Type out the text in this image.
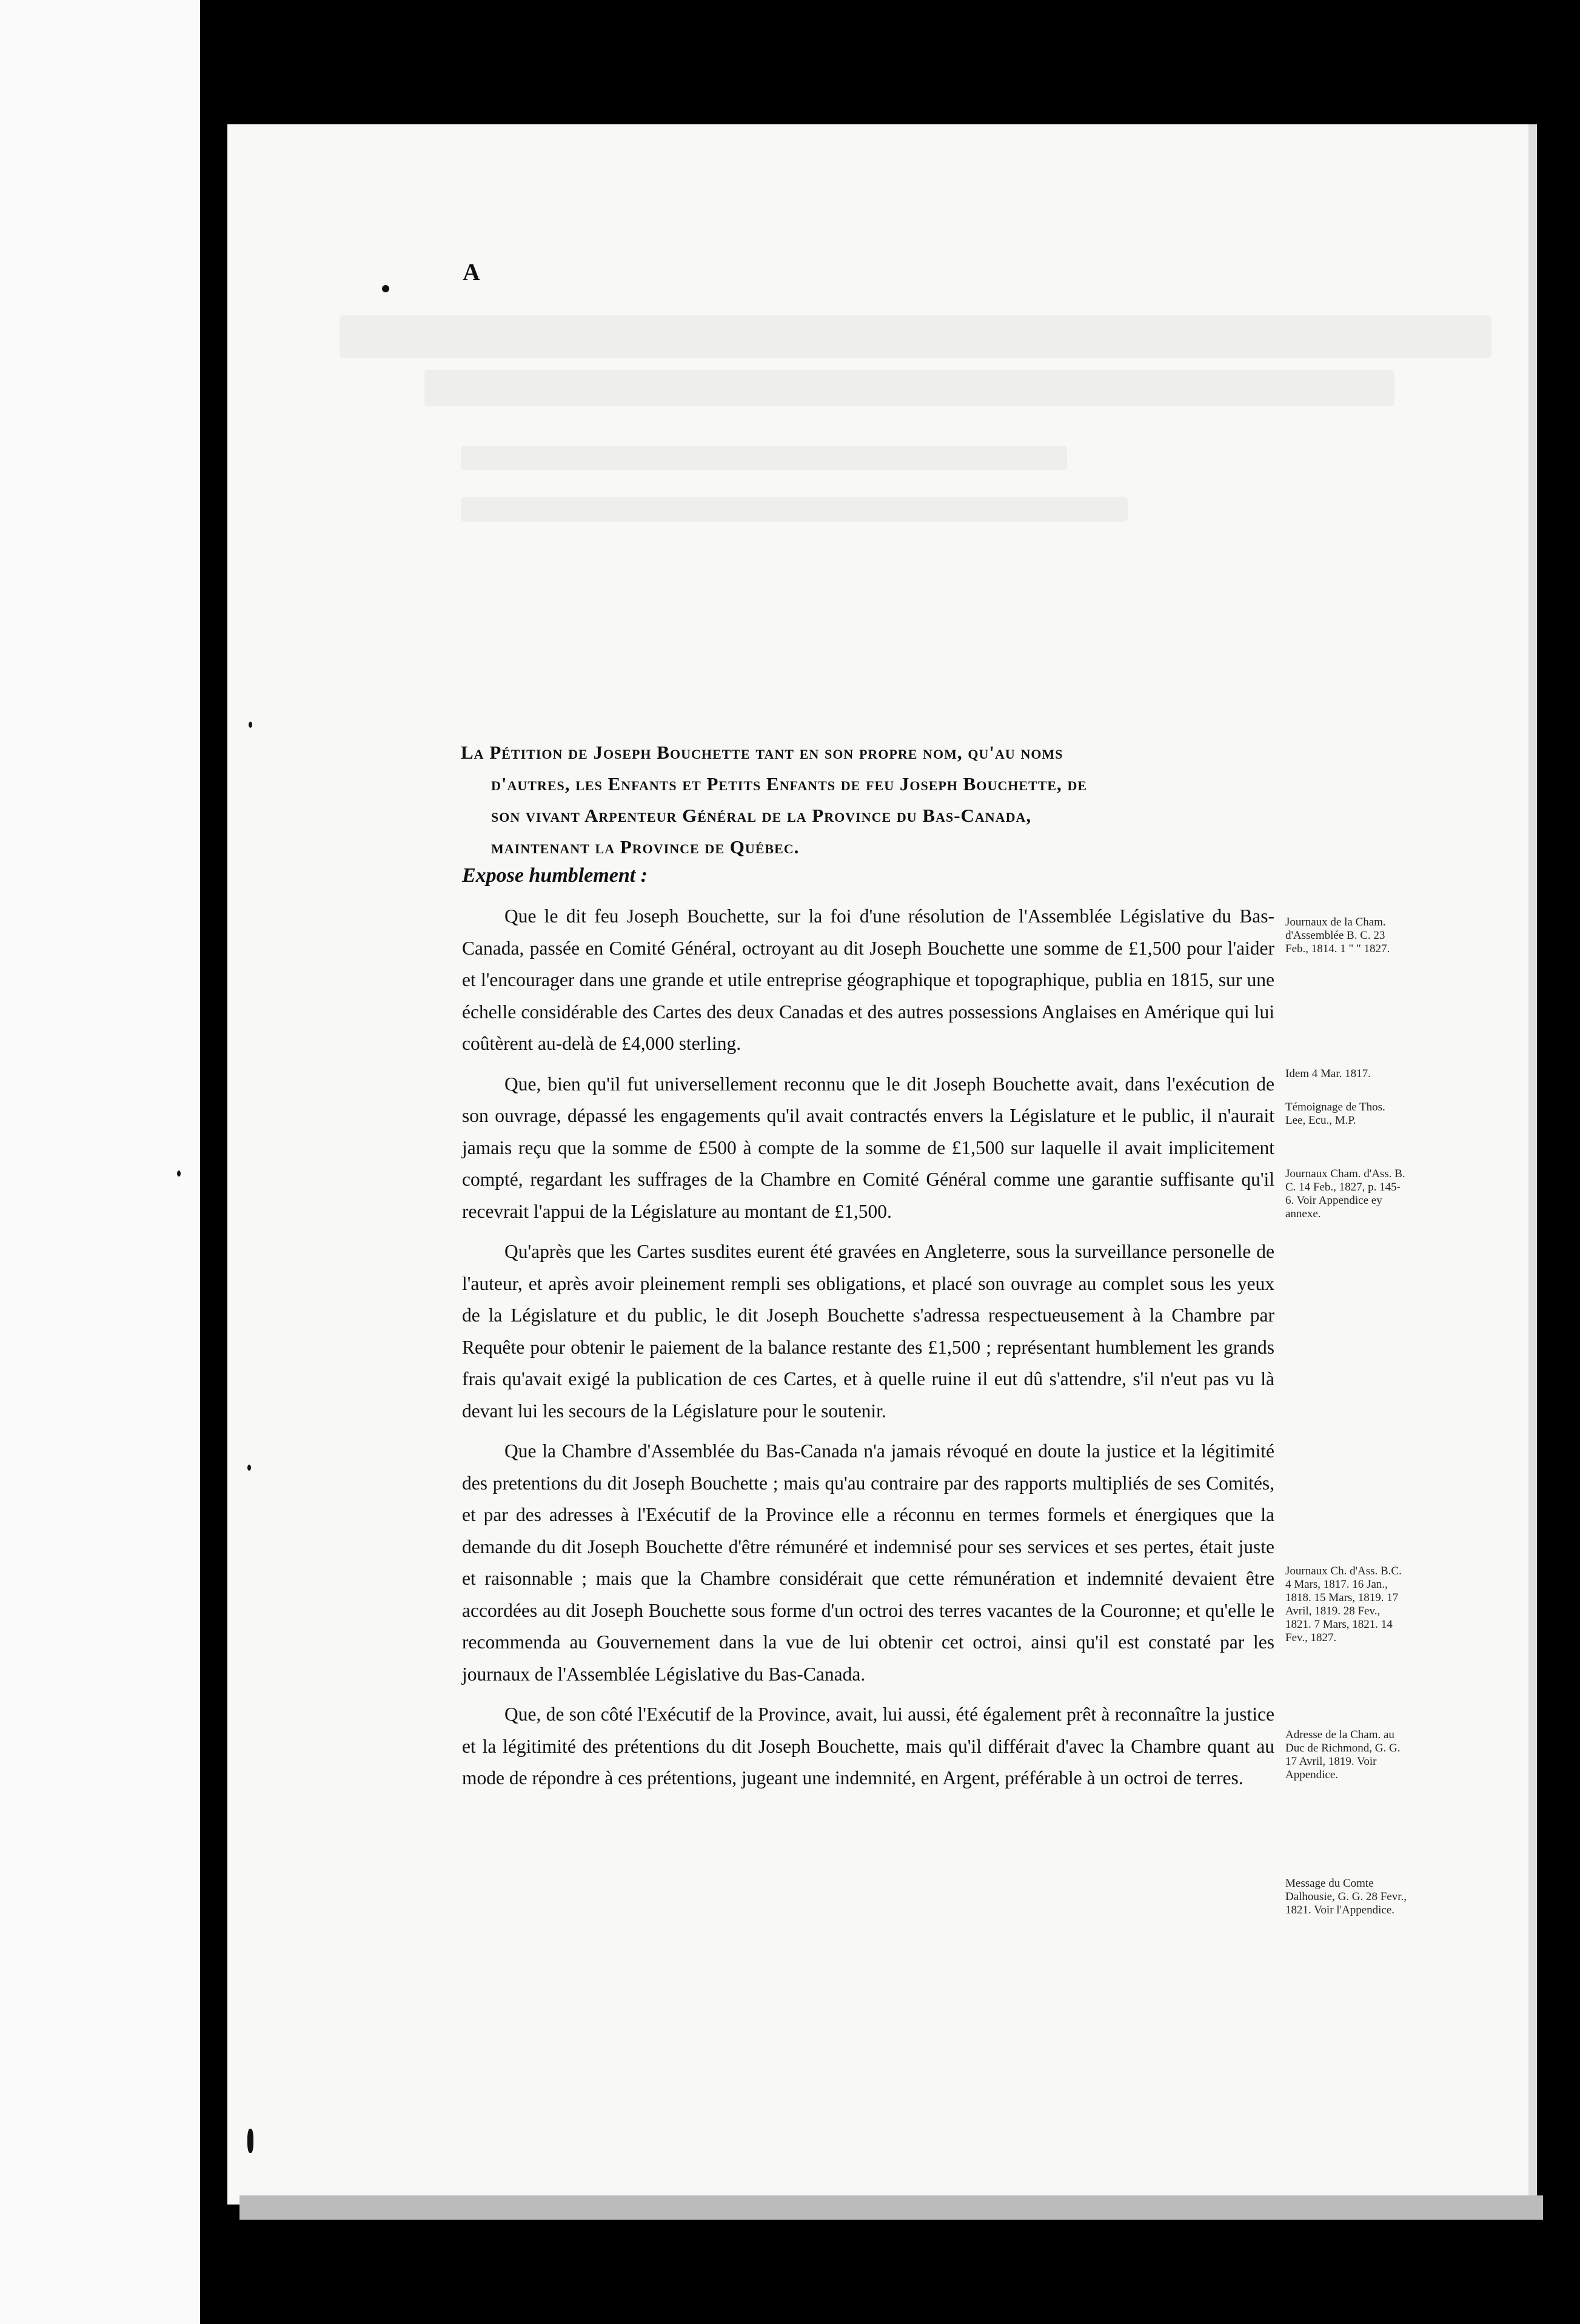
A
La Pétition de Joseph Bouchette tant en son propre nom, qu'au noms
d'autres, les Enfants et Petits Enfants de feu Joseph Bouchette, de
son vivant Arpenteur Général de la Province du Bas-Canada,
maintenant la Province de Québec.
Expose humblement :

Que le dit feu Joseph Bouchette, sur la foi d'une résolution de l'Assemblée Législative du Bas-Canada, passée en Comité Général, octroyant au dit Joseph Bouchette une somme de £1,500 pour l'aider et l'encourager dans une grande et utile entreprise géographique et topographique, publia en 1815, sur une échelle considérable des Cartes des deux Canadas et des autres possessions Anglaises en Amérique qui lui coûtèrent au-delà de £4,000 sterling.

Que, bien qu'il fut universellement reconnu que le dit Joseph Bouchette avait, dans l'exécution de son ouvrage, dépassé les engagements qu'il avait contractés envers la Législature et le public, il n'aurait jamais reçu que la somme de £500 à compte de la somme de £1,500 sur laquelle il avait implicitement compté, regardant les suffrages de la Chambre en Comité Général comme une garantie suffisante qu'il recevrait l'appui de la Législature au montant de £1,500.

Qu'après que les Cartes susdites eurent été gravées en Angleterre, sous la surveillance personelle de l'auteur, et après avoir pleinement rempli ses obligations, et placé son ouvrage au complet sous les yeux de la Législature et du public, le dit Joseph Bouchette s'adressa respectueusement à la Chambre par Requête pour obtenir le paiement de la balance restante des £1,500 ; représentant humblement les grands frais qu'avait exigé la publication de ces Cartes, et à quelle ruine il eut dû s'attendre, s'il n'eut pas vu là devant lui les secours de la Législature pour le soutenir.

Que la Chambre d'Assemblée du Bas-Canada n'a jamais révoqué en doute la justice et la légitimité des pretentions du dit Joseph Bouchette ; mais qu'au contraire par des rapports multipliés de ses Comités, et par des adresses à l'Exécutif de la Province elle a réconnu en termes formels et énergiques que la demande du dit Joseph Bouchette d'être rémunéré et indemnisé pour ses services et ses pertes, était juste et raisonnable ; mais que la Chambre considérait que cette rémunération et indemnité devaient être accordées au dit Joseph Bouchette sous forme d'un octroi des terres vacantes de la Couronne; et qu'elle le recommenda au Gouvernement dans la vue de lui obtenir cet octroi, ainsi qu'il est constaté par les journaux de l'Assemblée Législative du Bas-Canada.

Que, de son côté l'Exécutif de la Province, avait, lui aussi, été également prêt à reconnaître la justice et la légitimité des prétentions du dit Joseph Bouchette, mais qu'il différait d'avec la Chambre quant au mode de répondre à ces prétentions, jugeant une indemnité, en Argent, préférable à un octroi de terres.

Journaux de la Cham. d'Assemblée B. C. 23 Feb., 1814. 1 " " 1827.
Idem 4 Mar. 1817.
Témoignage de Thos. Lee, Ecu., M.P.
Journaux Cham. d'Ass. B. C. 14 Feb., 1827, p. 145-6. Voir Appendice ey annexe.
Journaux Ch. d'Ass. B.C. 4 Mars, 1817. 16 Jan., 1818. 15 Mars, 1819. 17 Avril, 1819. 28 Fev., 1821. 7 Mars, 1821. 14 Fev., 1827.
Adresse de la Cham. au Duc de Richmond, G. G. 17 Avril, 1819. Voir Appendice.
Message du Comte Dalhousie, G. G. 28 Fevr., 1821. Voir l'Appendice.
